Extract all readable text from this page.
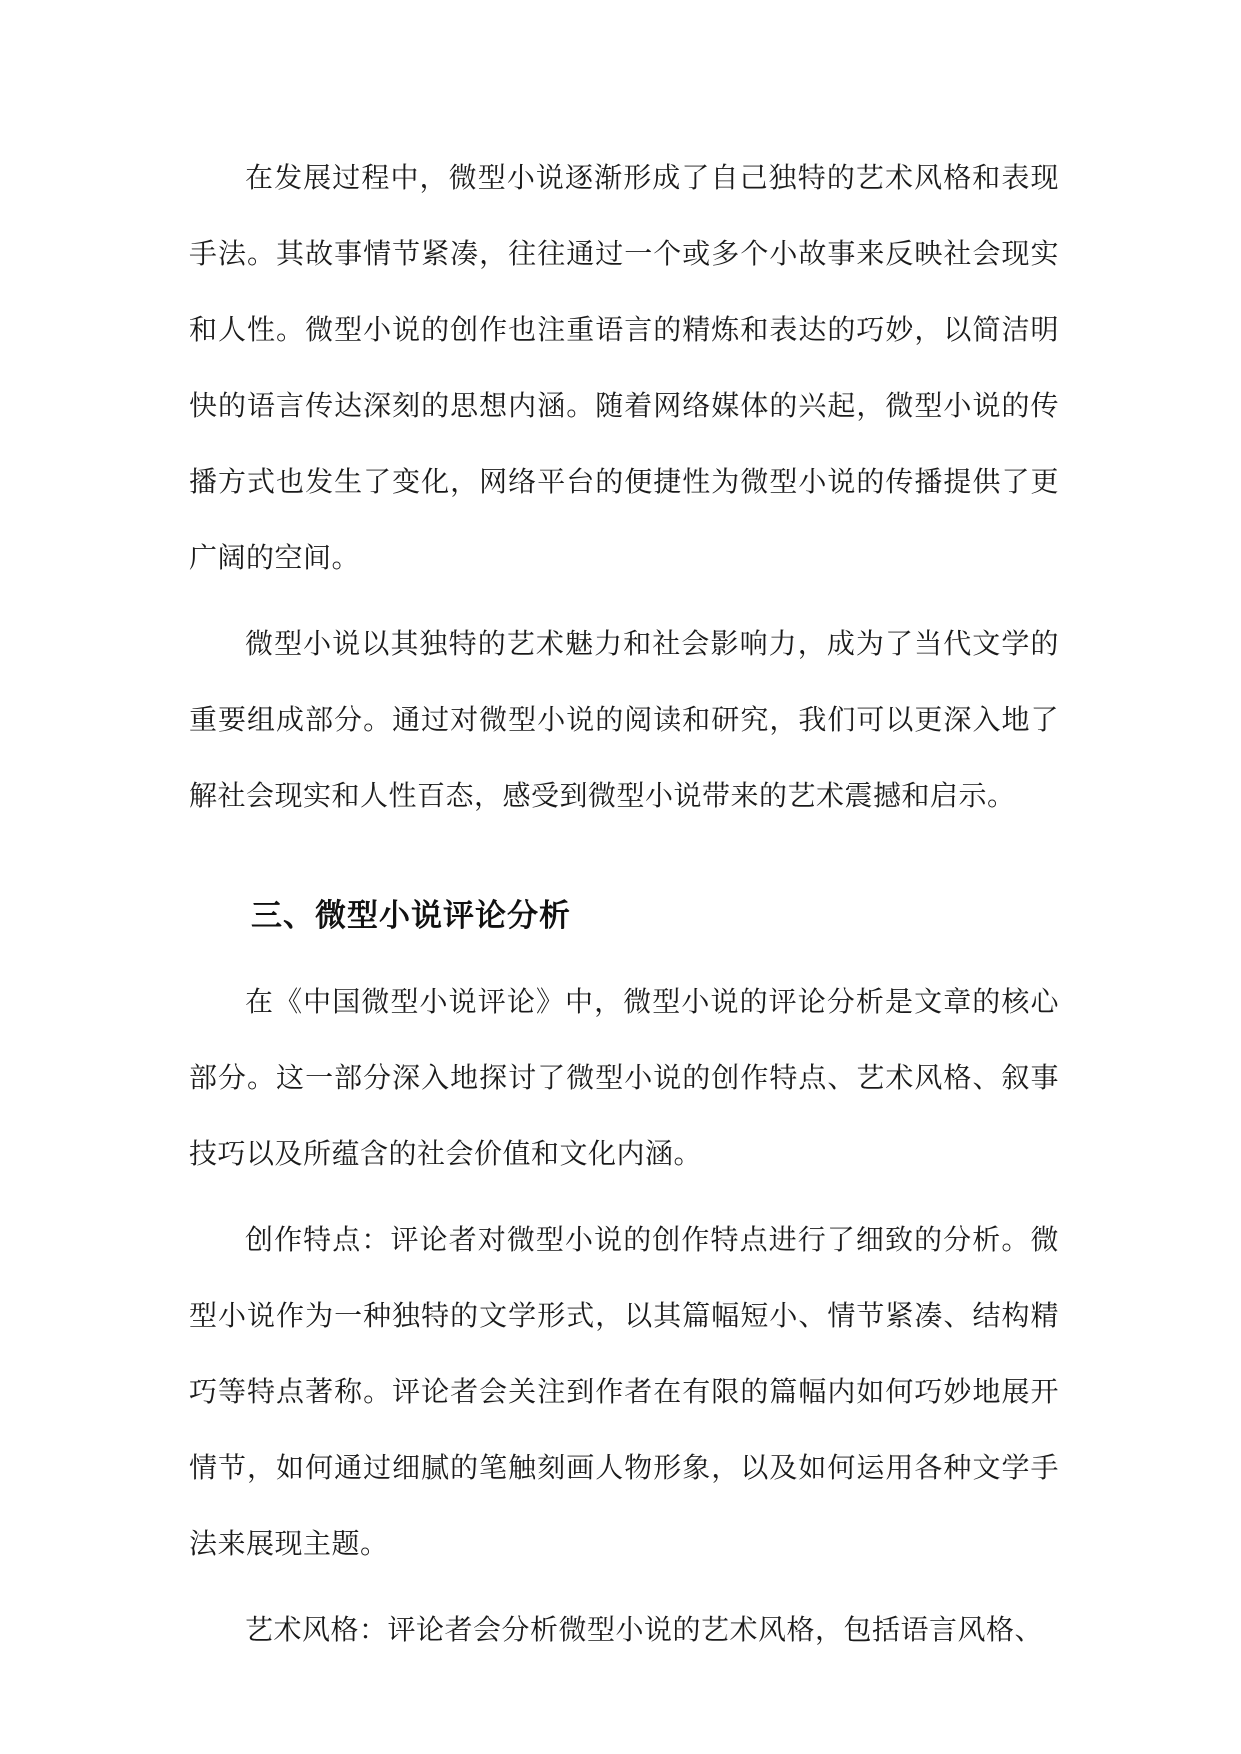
在发展过程中，微型小说逐渐形成了自己独特的艺术风格和表现手法。其故事情节紧凑，往往通过一个或多个小故事来反映社会现实和人性。微型小说的创作也注重语言的精炼和表达的巧妙，以简洁明快的语言传达深刻的思想内涵。随着网络媒体的兴起，微型小说的传播方式也发生了变化，网络平台的便捷性为微型小说的传播提供了更广阔的空间。

微型小说以其独特的艺术魅力和社会影响力，成为了当代文学的重要组成部分。通过对微型小说的阅读和研究，我们可以更深入地了解社会现实和人性百态，感受到微型小说带来的艺术震撼和启示。

三、微型小说评论分析

在《中国微型小说评论》中，微型小说的评论分析是文章的核心部分。这一部分深入地探讨了微型小说的创作特点、艺术风格、叙事技巧以及所蕴含的社会价值和文化内涵。

创作特点：评论者对微型小说的创作特点进行了细致的分析。微型小说作为一种独特的文学形式，以其篇幅短小、情节紧凑、结构精巧等特点著称。评论者会关注到作者在有限的篇幅内如何巧妙地展开情节，如何通过细腻的笔触刻画人物形象，以及如何运用各种文学手法来展现主题。

艺术风格：评论者会分析微型小说的艺术风格，包括语言风格、
